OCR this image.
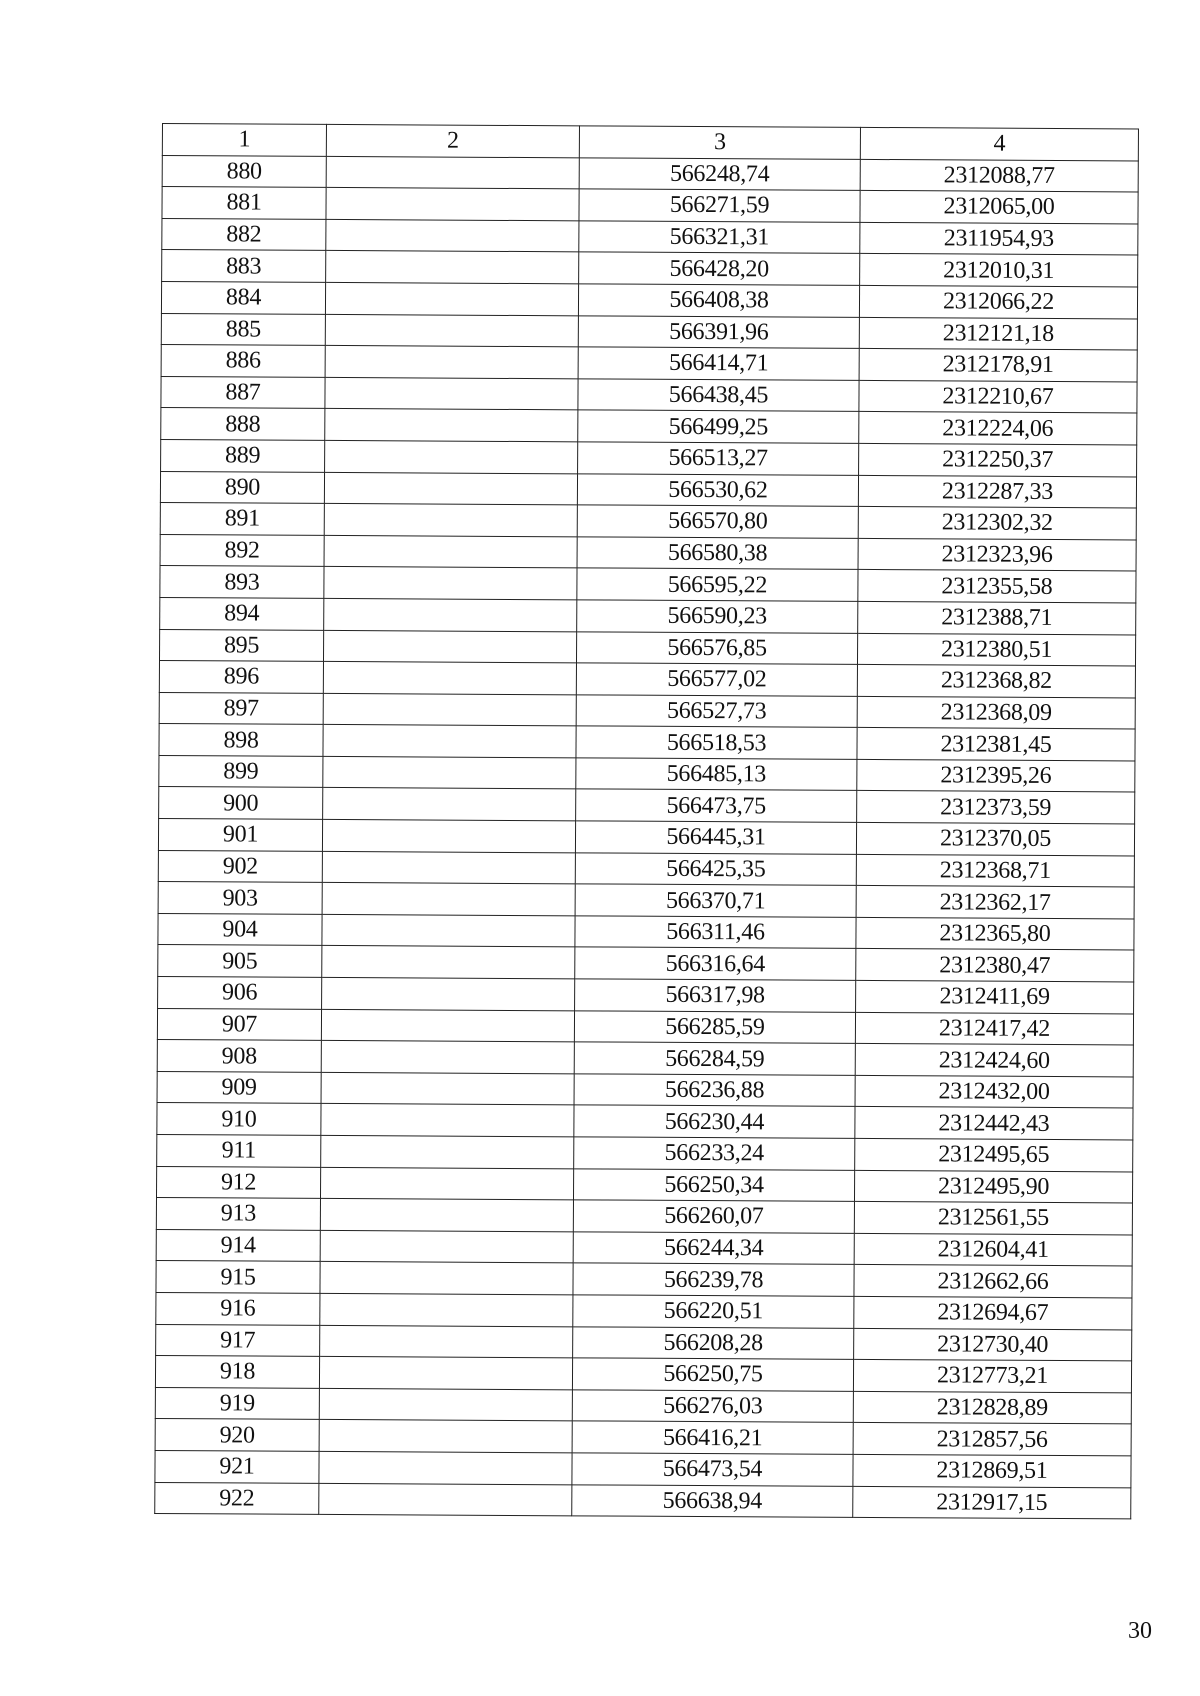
1	2	3	4
880		566248,74	2312088,77
881		566271,59	2312065,00
882		566321,31	2311954,93
883		566428,20	2312010,31
884		566408,38	2312066,22
885		566391,96	2312121,18
886		566414,71	2312178,91
887		566438,45	2312210,67
888		566499,25	2312224,06
889		566513,27	2312250,37
890		566530,62	2312287,33
891		566570,80	2312302,32
892		566580,38	2312323,96
893		566595,22	2312355,58
894		566590,23	2312388,71
895		566576,85	2312380,51
896		566577,02	2312368,82
897		566527,73	2312368,09
898		566518,53	2312381,45
899		566485,13	2312395,26
900		566473,75	2312373,59
901		566445,31	2312370,05
902		566425,35	2312368,71
903		566370,71	2312362,17
904		566311,46	2312365,80
905		566316,64	2312380,47
906		566317,98	2312411,69
907		566285,59	2312417,42
908		566284,59	2312424,60
909		566236,88	2312432,00
910		566230,44	2312442,43
911		566233,24	2312495,65
912		566250,34	2312495,90
913		566260,07	2312561,55
914		566244,34	2312604,41
915		566239,78	2312662,66
916		566220,51	2312694,67
917		566208,28	2312730,40
918		566250,75	2312773,21
919		566276,03	2312828,89
920		566416,21	2312857,56
921		566473,54	2312869,51
922		566638,94	2312917,15
30
